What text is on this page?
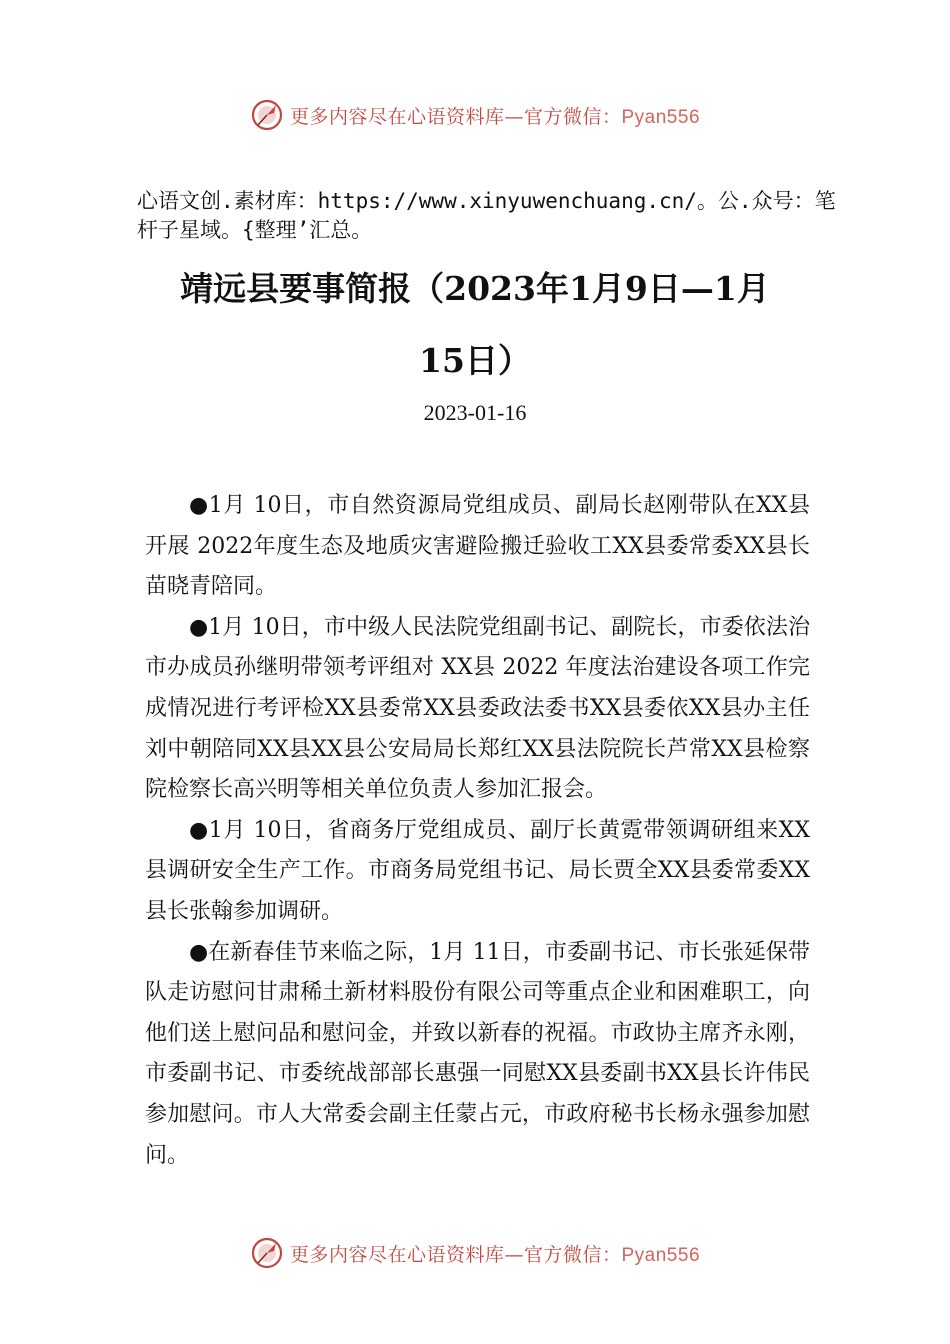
更多内容尽在心语资料库—官方微信：Pyan556
心语文创.素材库：https://www.xinyuwenchuang.cn/。公.众号：笔杆子星域。{整理’汇总。
靖远县要事简报（2023年1月9日—1月
15日）
2023-01-16

●1月 10日，市自然资源局党组成员、副局长赵刚带队在XX县开展 2022年度生态及地质灾害避险搬迁验收工XX县委常委XX县长苗晓青陪同。

●1月 10日，市中级人民法院党组副书记、副院长，市委依法治市办成员孙继明带领考评组对 XX县 2022 年度法治建设各项工作完成情况进行考评检XX县委常XX县委政法委书XX县委依XX县办主任刘中朝陪同XX县XX县公安局局长郑红XX县法院院长芦常XX县检察院检察长高兴明等相关单位负责人参加汇报会。

●1月 10日，省商务厅党组成员、副厅长黄霓带领调研组来XX县调研安全生产工作。市商务局党组书记、局长贾全XX县委常委XX县长张翰参加调研。

●在新春佳节来临之际，1月 11日，市委副书记、市长张延保带队走访慰问甘肃稀土新材料股份有限公司等重点企业和困难职工，向他们送上慰问品和慰问金，并致以新春的祝福。市政协主席齐永刚，市委副书记、市委统战部部长惠强一同慰XX县委副书XX县长许伟民参加慰问。市人大常委会副主任蒙占元，市政府秘书长杨永强参加慰问。

更多内容尽在心语资料库—官方微信：Pyan556
